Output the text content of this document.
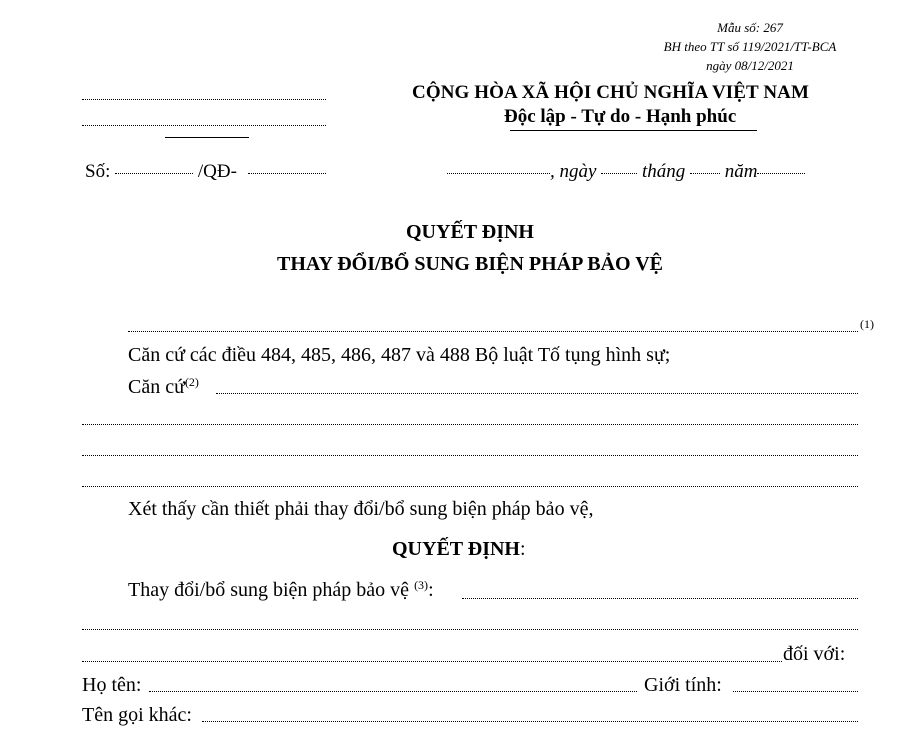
Mẫu số: 267
BH theo TT số 119/2021/TT-BCA
ngày 08/12/2021
CỘNG HÒA XÃ HỘI CHỦ NGHĨA VIỆT NAM
Độc lập - Tự do - Hạnh phúc
Số:	/QĐ-	, ngày tháng năm
QUYẾT ĐỊNH
THAY ĐỔI/BỔ SUNG BIỆN PHÁP BẢO VỆ
(1)
Căn cứ các điều 484, 485, 486, 487 và 488 Bộ luật Tố tụng hình sự;
Căn cứ$^{(2)}$
Xét thấy cần thiết phải thay đổi/bổ sung biện pháp bảo vệ,
QUYẾT ĐỊNH:
Thay đổi/bổ sung biện pháp bảo vệ $^{(3)}$:
đối với:
Họ tên:	Giới tính:
Tên gọi khác:
